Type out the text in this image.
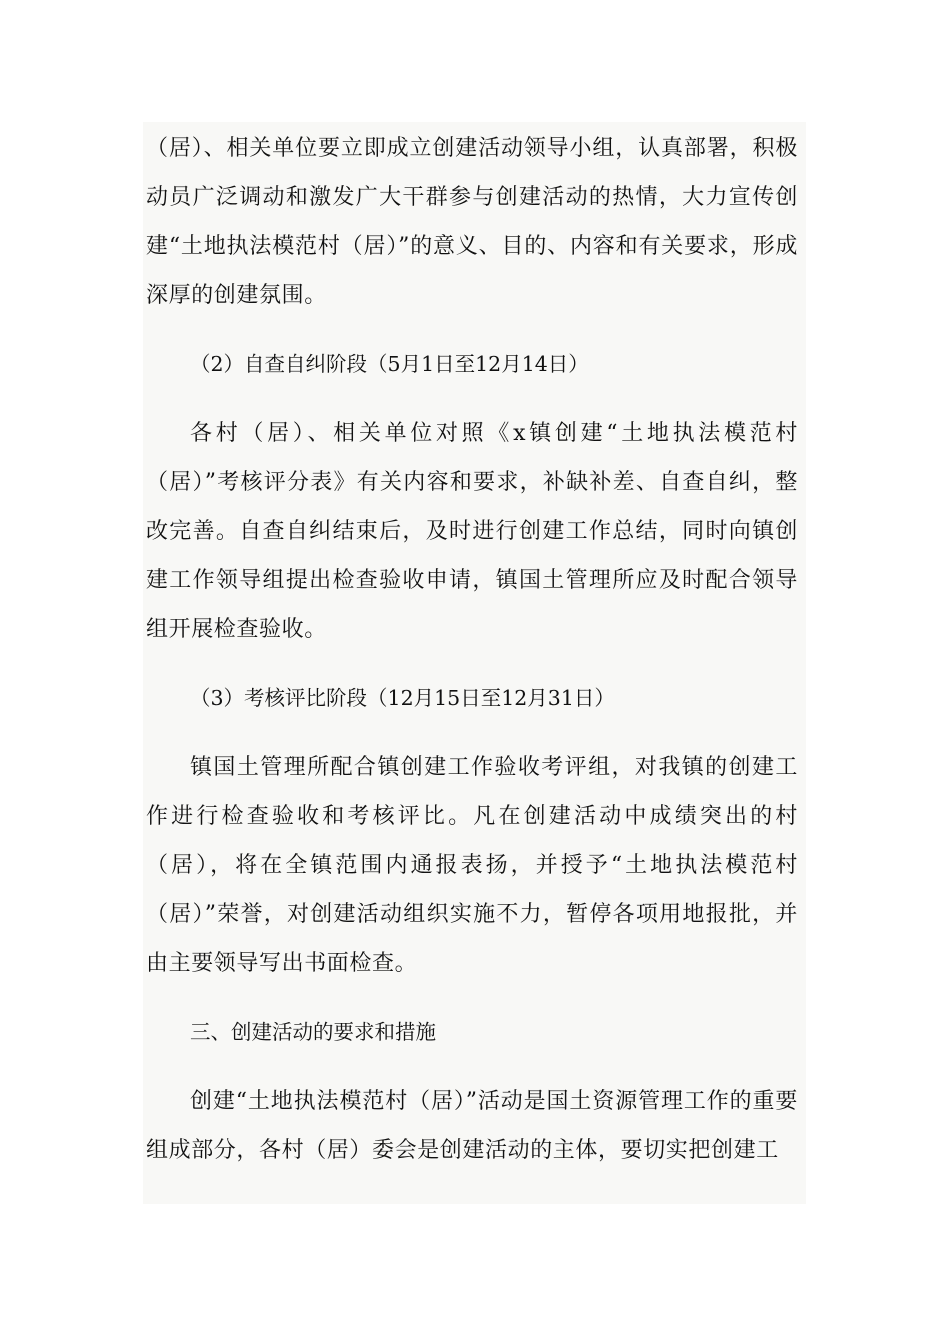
（居）、相关单位要立即成立创建活动领导小组，认真部署，积极动员广泛调动和激发广大干群参与创建活动的热情，大力宣传创建“土地执法模范村（居）”的意义、目的、内容和有关要求，形成深厚的创建氛围。

（2）自查自纠阶段（5月1日至12月14日）

各村（居）、相关单位对照《x镇创建“土地执法模范村（居）”考核评分表》有关内容和要求，补缺补差、自查自纠，整改完善。自查自纠结束后，及时进行创建工作总结，同时向镇创建工作领导组提出检查验收申请，镇国土管理所应及时配合领导组开展检查验收。

（3）考核评比阶段（12月15日至12月31日）

镇国土管理所配合镇创建工作验收考评组，对我镇的创建工作进行检查验收和考核评比。凡在创建活动中成绩突出的村（居），将在全镇范围内通报表扬，并授予“土地执法模范村（居）”荣誉，对创建活动组织实施不力，暂停各项用地报批，并由主要领导写出书面检查。

三、创建活动的要求和措施

创建“土地执法模范村（居）”活动是国土资源管理工作的重要组成部分，各村（居）委会是创建活动的主体，要切实把创建工
